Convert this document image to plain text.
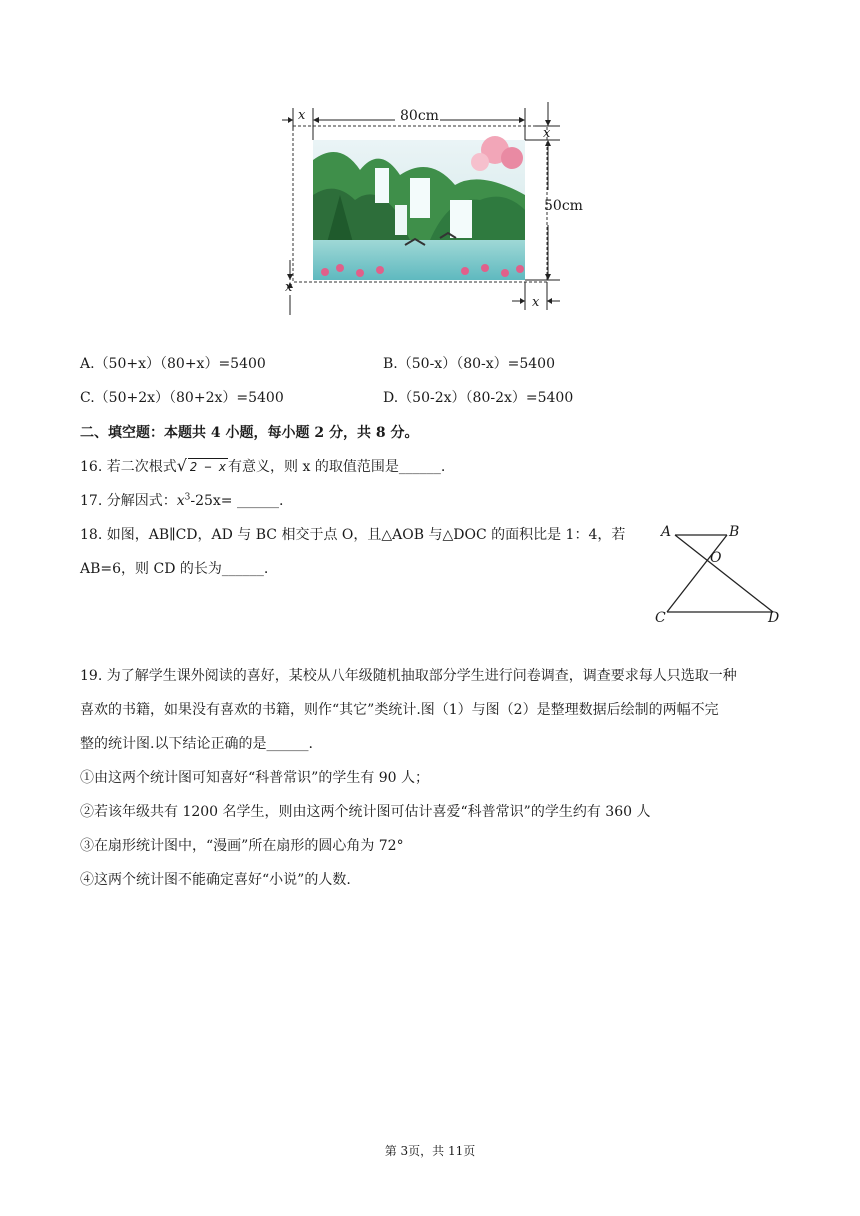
80cm
50cm
x
x
x
x
A.（50+x）（80+x）=5400	B.（50-x）（80-x）=5400
C.（50+2x）（80+2x）=5400	D.（50-2x）（80-2x）=5400
二、填空题：本题共 4 小题，每小题 2 分，共 8 分。
16. 若二次根式√ 2 − x 有意义，则 x 的取值范围是______.
17. 分解因式：$x^3-25x=$ ______.
18. 如图，AB∥CD，AD 与 BC 相交于点 O，且△AOB 与△DOC 的面积比是 1：4，若
AB=6，则 CD 的长为______.
A	B
O
C	D
19. 为了解学生课外阅读的喜好，某校从八年级随机抽取部分学生进行问卷调查，调查要求每人只选取一种
喜欢的书籍，如果没有喜欢的书籍，则作“其它”类统计.图（1）与图（2）是整理数据后绘制的两幅不完
整的统计图.以下结论正确的是______.
①由这两个统计图可知喜好“科普常识”的学生有 90 人；
②若该年级共有 1200 名学生，则由这两个统计图可估计喜爱“科普常识”的学生约有 360 人
③在扇形统计图中，“漫画”所在扇形的圆心角为 72°
④这两个统计图不能确定喜好“小说”的人数.
第 3页，共 11页
